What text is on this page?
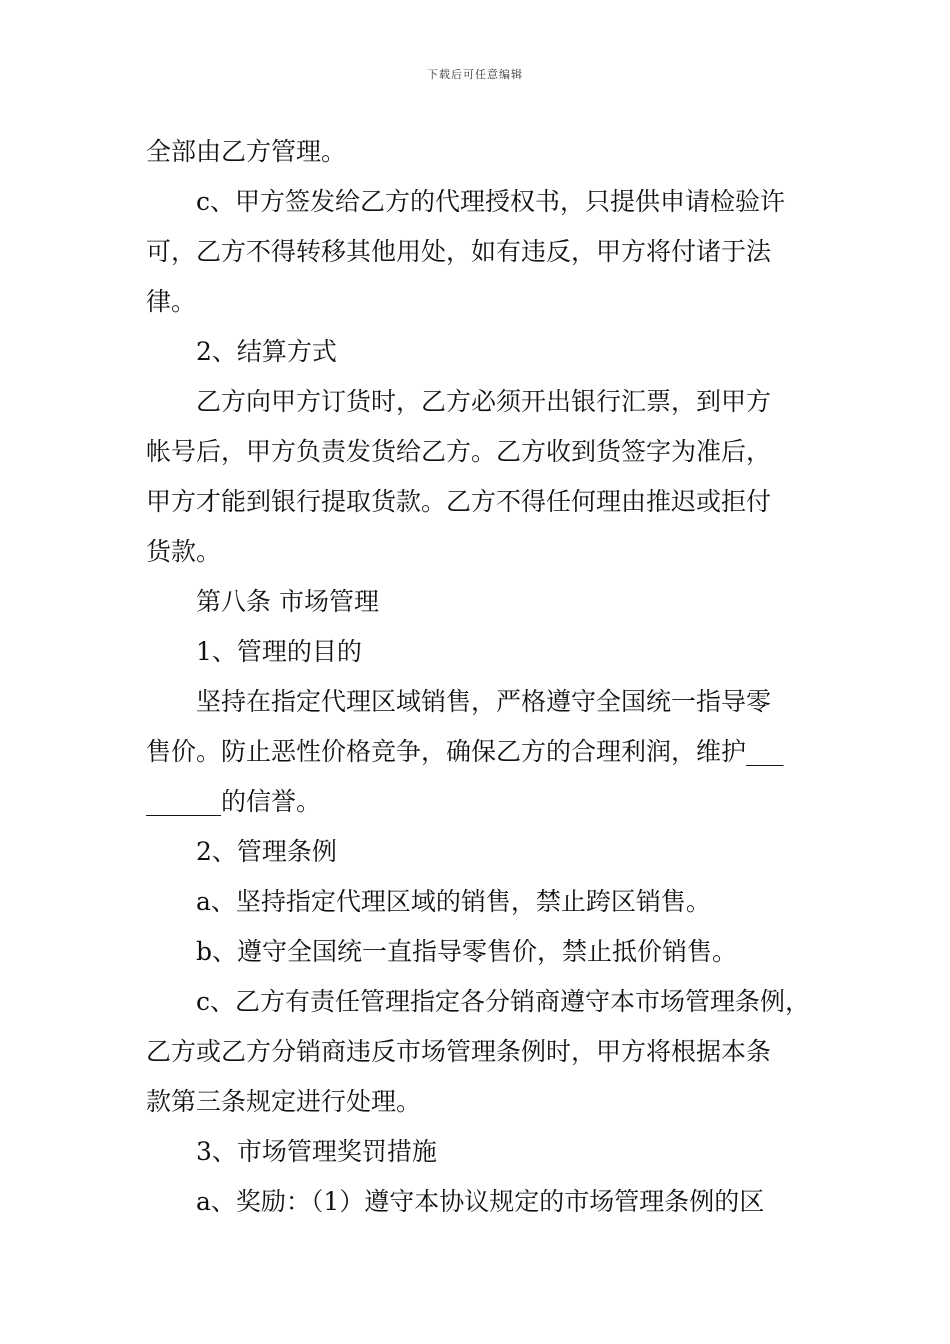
下载后可任意编辑
全部由乙方管理。
c、甲方签发给乙方的代理授权书，只提供申请检验许
可，乙方不得转移其他用处，如有违反，甲方将付诸于法
律。
2、结算方式
乙方向甲方订货时，乙方必须开出银行汇票，到甲方
帐号后，甲方负责发货给乙方。乙方收到货签字为准后，
甲方才能到银行提取货款。乙方不得任何理由推迟或拒付
货款。
第八条 市场管理
1、管理的目的
坚持在指定代理区域销售，严格遵守全国统一指导零
售价。防止恶性价格竞争，确保乙方的合理利润，维护___
______的信誉。
2、管理条例
a、坚持指定代理区域的销售，禁止跨区销售。
b、遵守全国统一直指导零售价，禁止抵价销售。
c、乙方有责任管理指定各分销商遵守本市场管理条例，
乙方或乙方分销商违反市场管理条例时，甲方将根据本条
款第三条规定进行处理。
3、市场管理奖罚措施
a、奖励：（1）遵守本协议规定的市场管理条例的区
